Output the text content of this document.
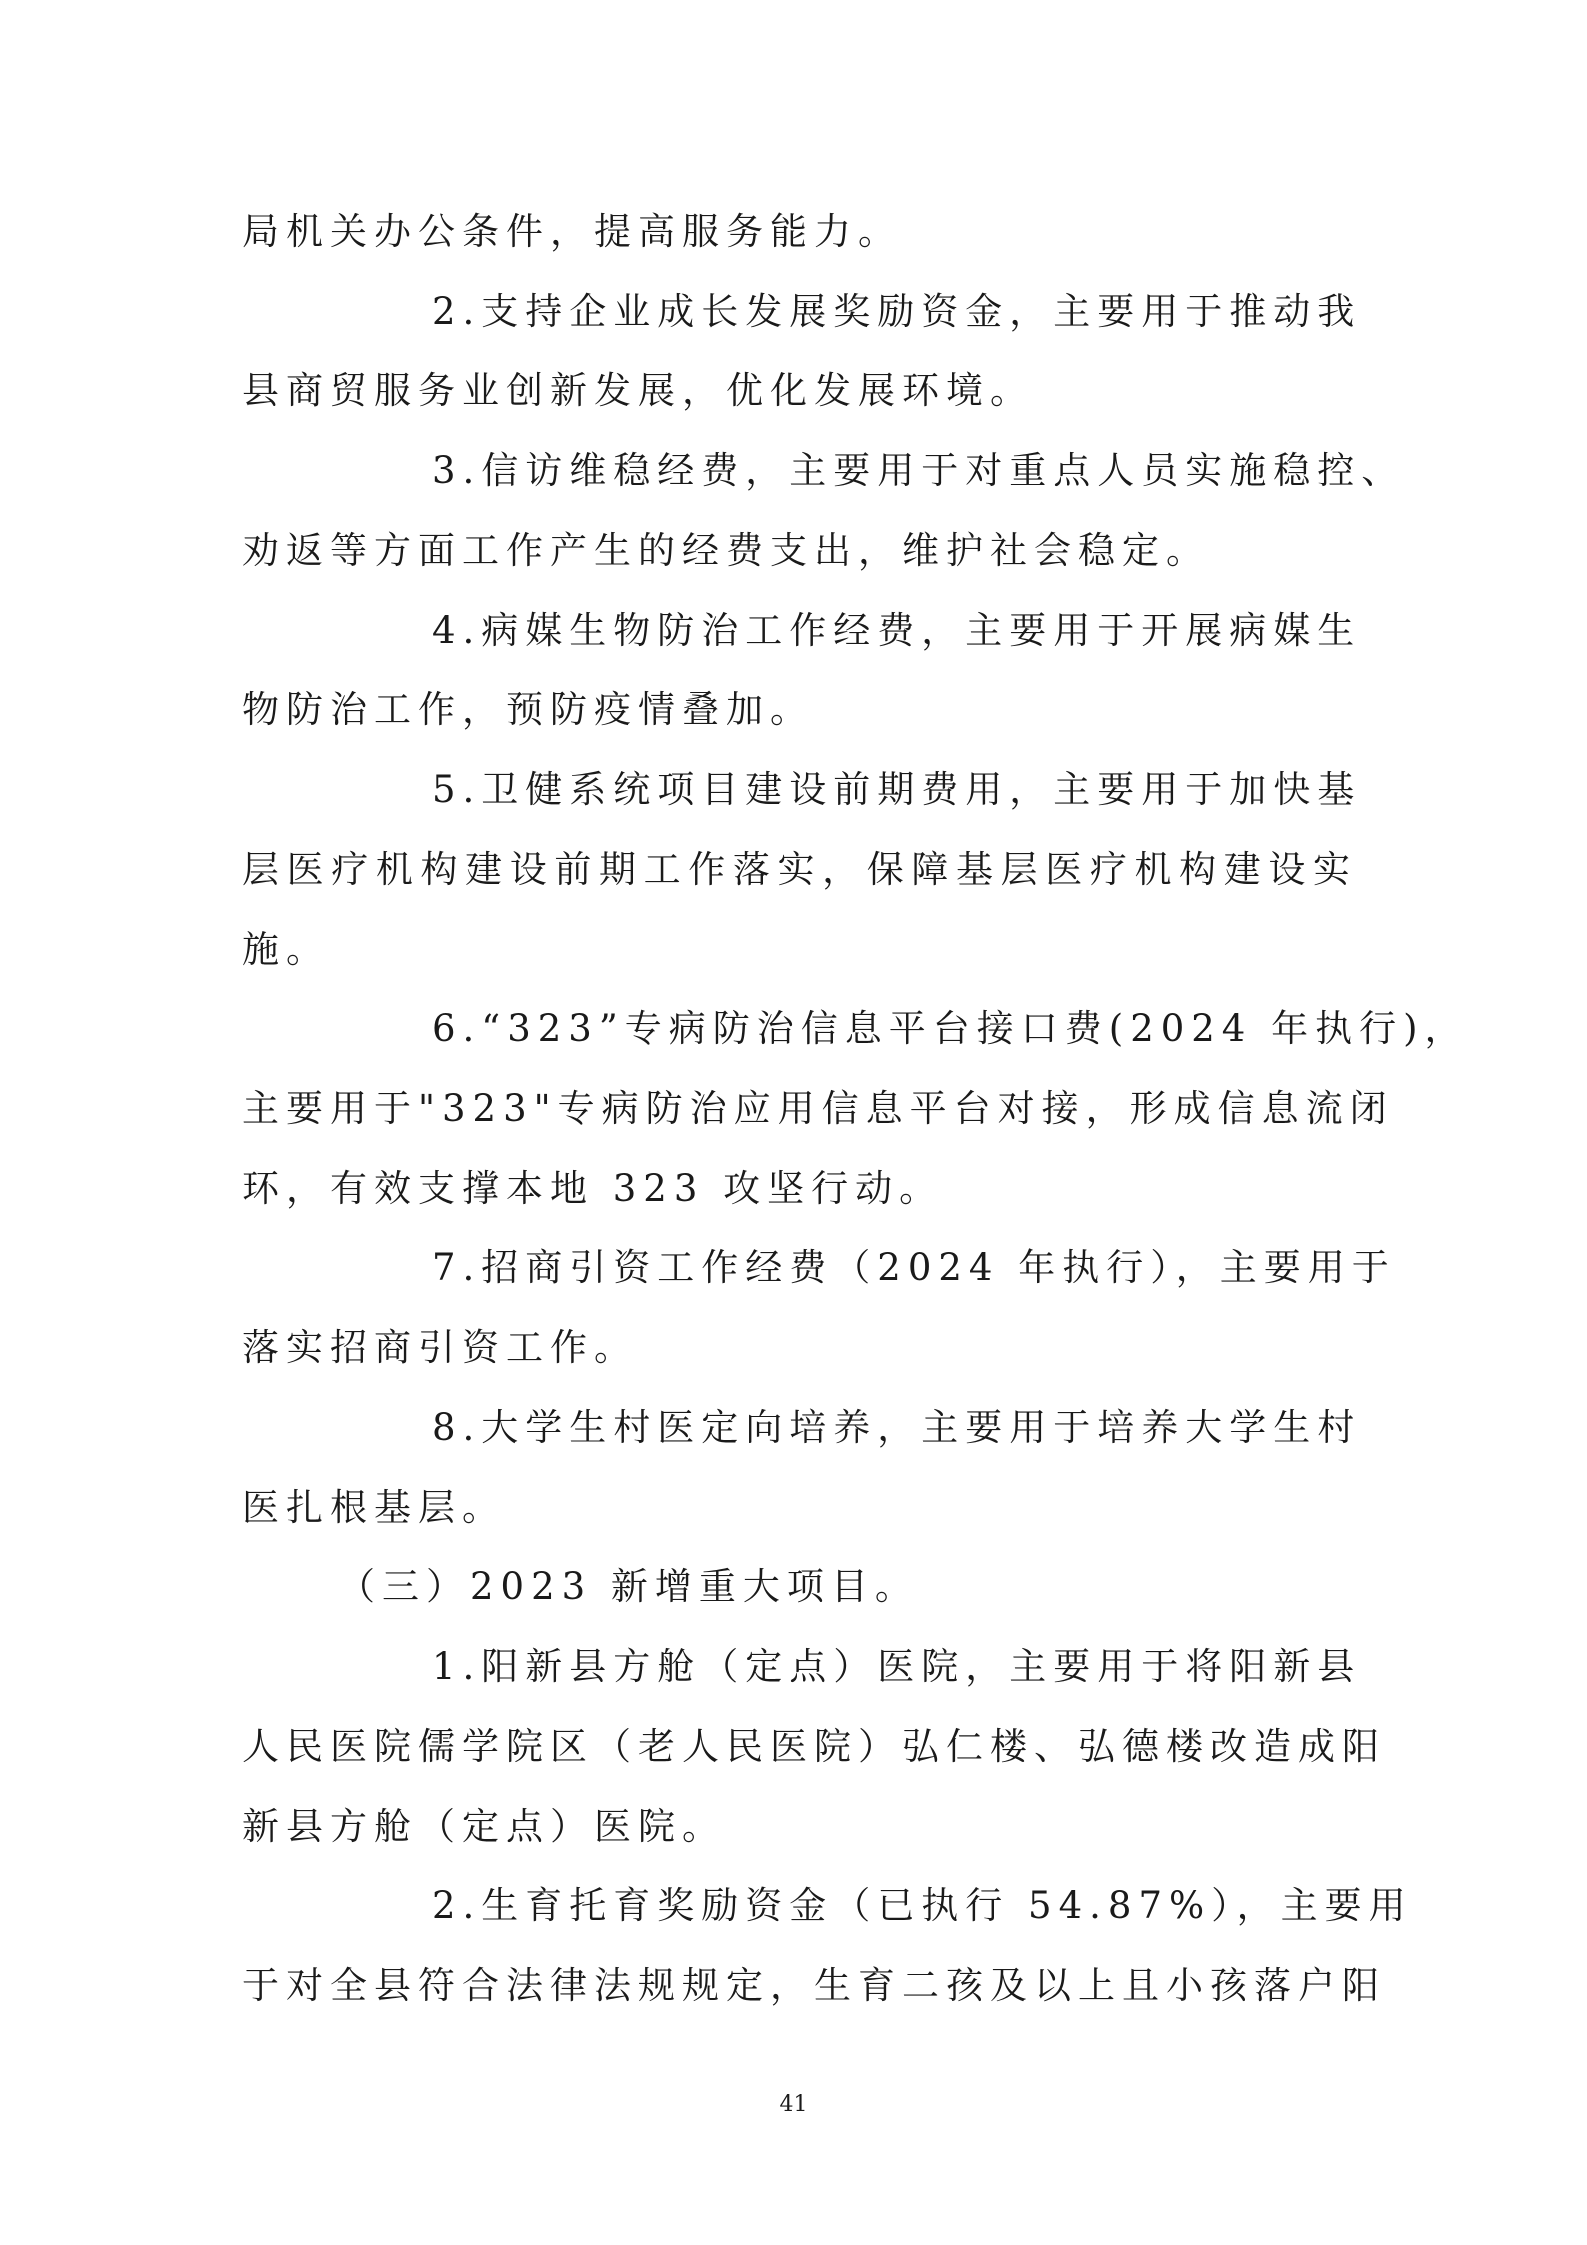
局机关办公条件，提高服务能力。
2.支持企业成长发展奖励资金，主要用于推动我
县商贸服务业创新发展，优化发展环境。
3.信访维稳经费，主要用于对重点人员实施稳控、
劝返等方面工作产生的经费支出，维护社会稳定。
4.病媒生物防治工作经费，主要用于开展病媒生
物防治工作，预防疫情叠加。
5.卫健系统项目建设前期费用，主要用于加快基
层医疗机构建设前期工作落实，保障基层医疗机构建设实
施。
6.“323”专病防治信息平台接口费(2024 年执行)，
主要用于"323"专病防治应用信息平台对接，形成信息流闭
环，有效支撑本地 323 攻坚行动。
7.招商引资工作经费（2024 年执行），主要用于
落实招商引资工作。
8.大学生村医定向培养，主要用于培养大学生村
医扎根基层。
（三）2023 新增重大项目。
1.阳新县方舱（定点）医院，主要用于将阳新县
人民医院儒学院区（老人民医院）弘仁楼、弘德楼改造成阳
新县方舱（定点）医院。
2.生育托育奖励资金（已执行 54.87%），主要用
于对全县符合法律法规规定，生育二孩及以上且小孩落户阳
41
